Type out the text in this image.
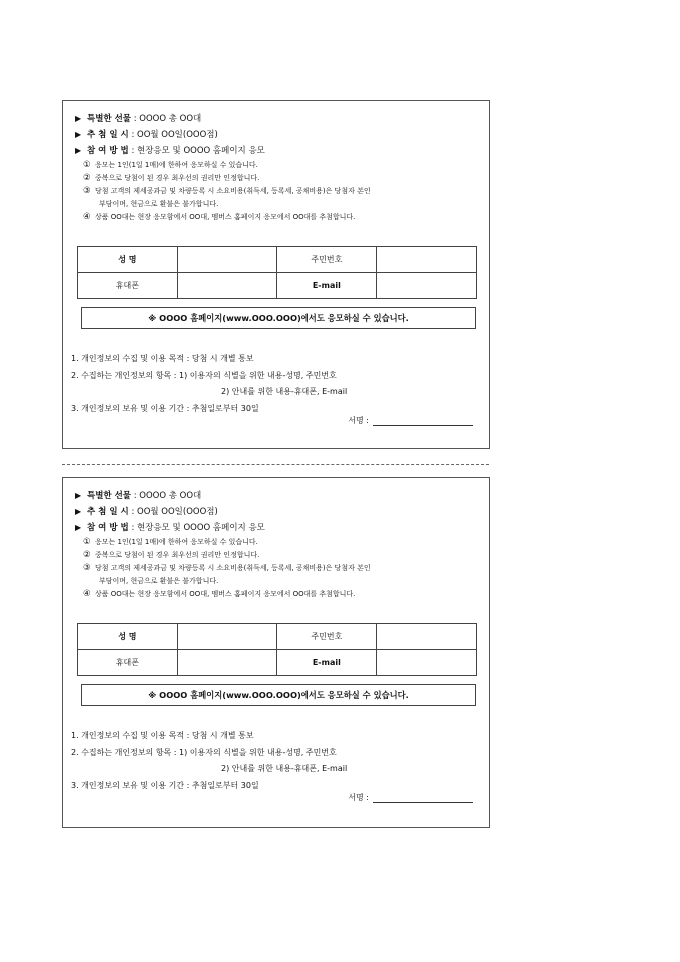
▶ 특별한 선물 : OOOO 총 OO대
▶ 추 첨 일 시 : OO월 OO일(OOO점)
▶ 참 여 방 법 : 현장응모 및 OOOO 홈페이지 응모
① 응모는 1인(1일 1매)에 한하여 응모하실 수 있습니다.
② 중복으로 당첨이 된 경우 최우선의 권리만 인정합니다.
③ 당첨 고객의 제세공과금 및 차량등록 시 소요비용(취득세, 등록세, 공채비용)은 당첨자 본인
부담이며, 현금으로 환불은 불가합니다.
④ 상품 OO대는 현장 응모함에서 OO대, 멤버스 홈페이지 응모에서 OO대를 추첨합니다.
성 명		주민번호	
휴대폰		E-mail	
※ OOOO 홈페이지(www.OOO.OOO)에서도 응모하실 수 있습니다.
1. 개인정보의 수집 및 이용 목적 : 당첨 시 개별 통보
2. 수집하는 개인정보의 항목 : 1) 이용자의 식별을 위한 내용-성명, 주민번호
2) 안내를 위한 내용-휴대폰, E-mail
3. 개인정보의 보유 및 이용 기간 : 추첨일로부터 30일
서명 :
▶ 특별한 선물 : OOOO 총 OO대
▶ 추 첨 일 시 : OO월 OO일(OOO점)
▶ 참 여 방 법 : 현장응모 및 OOOO 홈페이지 응모
① 응모는 1인(1일 1매)에 한하여 응모하실 수 있습니다.
② 중복으로 당첨이 된 경우 최우선의 권리만 인정합니다.
③ 당첨 고객의 제세공과금 및 차량등록 시 소요비용(취득세, 등록세, 공채비용)은 당첨자 본인
부담이며, 현금으로 환불은 불가합니다.
④ 상품 OO대는 현장 응모함에서 OO대, 멤버스 홈페이지 응모에서 OO대를 추첨합니다.
성 명		주민번호	
휴대폰		E-mail	
※ OOOO 홈페이지(www.OOO.OOO)에서도 응모하실 수 있습니다.
1. 개인정보의 수집 및 이용 목적 : 당첨 시 개별 통보
2. 수집하는 개인정보의 항목 : 1) 이용자의 식별을 위한 내용-성명, 주민번호
2) 안내를 위한 내용-휴대폰, E-mail
3. 개인정보의 보유 및 이용 기간 : 추첨일로부터 30일
서명 :
